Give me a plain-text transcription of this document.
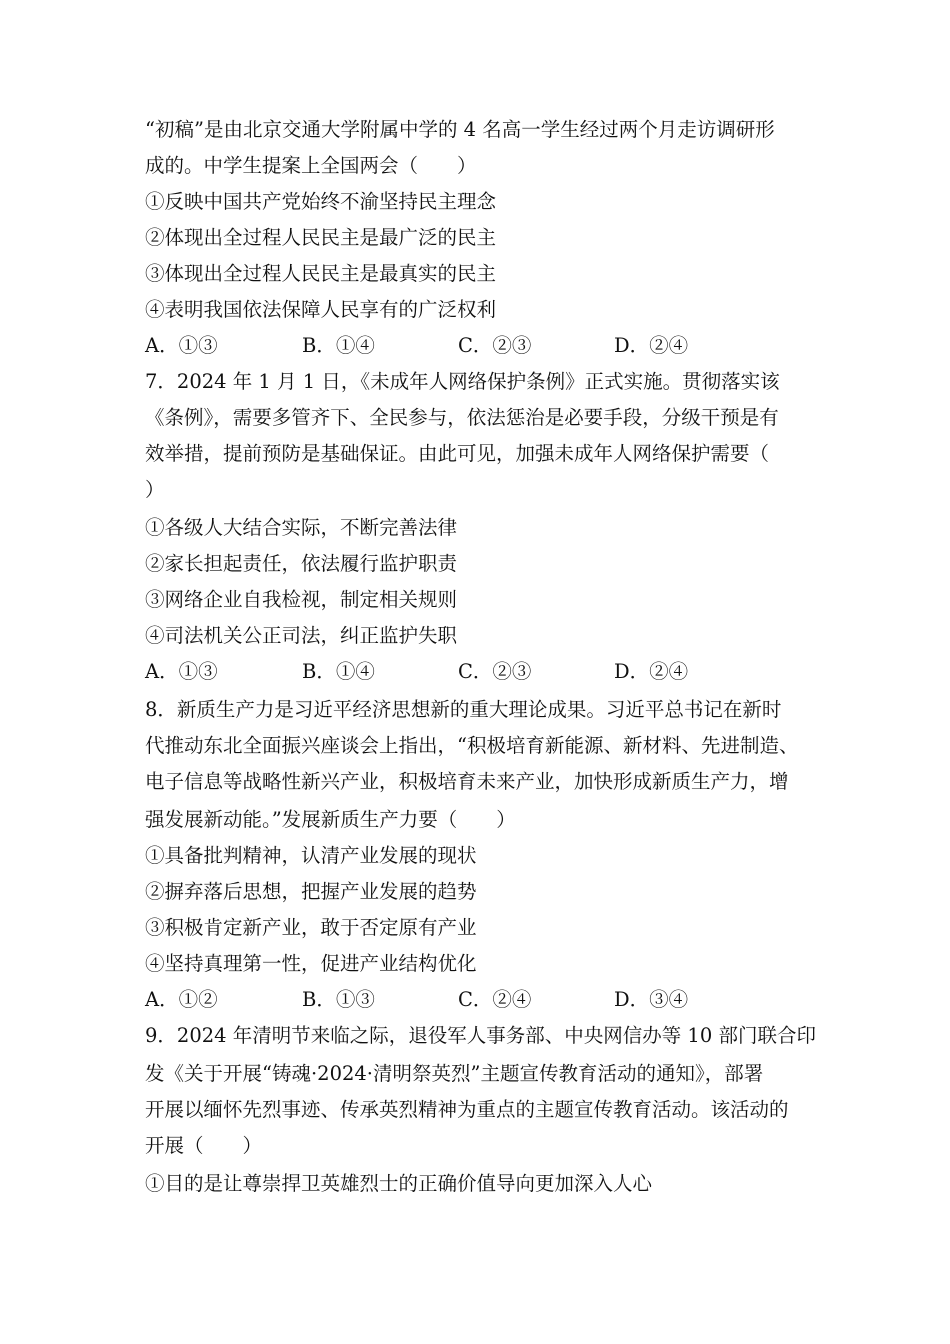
“初稿”是由北京交通大学附属中学的 4 名高一学生经过两个月走访调研形
成的。中学生提案上全国两会（　　）
①反映中国共产党始终不渝坚持民主理念
②体现出全过程人民民主是最广泛的民主
③体现出全过程人民民主是最真实的民主
④表明我国依法保障人民享有的广泛权利
A．①③	B．①④	C．②③	D．②④
7．2024 年 1 月 1 日，《未成年人网络保护条例》正式实施。贯彻落实该
《条例》，需要多管齐下、全民参与，依法惩治是必要手段，分级干预是有
效举措，提前预防是基础保证。由此可见，加强未成年人网络保护需要（
）
①各级人大结合实际，不断完善法律
②家长担起责任，依法履行监护职责
③网络企业自我检视，制定相关规则
④司法机关公正司法，纠正监护失职
A．①③	B．①④	C．②③	D．②④
8．新质生产力是习近平经济思想新的重大理论成果。习近平总书记在新时
代推动东北全面振兴座谈会上指出，“积极培育新能源、新材料、先进制造、
电子信息等战略性新兴产业，积极培育未来产业，加快形成新质生产力，增
强发展新动能。”发展新质生产力要（　　）
①具备批判精神，认清产业发展的现状
②摒弃落后思想，把握产业发展的趋势
③积极肯定新产业，敢于否定原有产业
④坚持真理第一性，促进产业结构优化
A．①②	B．①③	C．②④	D．③④
9．2024 年清明节来临之际，退役军人事务部、中央网信办等 10 部门联合印
发《关于开展“铸魂·2024·清明祭英烈”主题宣传教育活动的通知》，部署
开展以缅怀先烈事迹、传承英烈精神为重点的主题宣传教育活动。该活动的
开展（　　）
①目的是让尊崇捍卫英雄烈士的正确价值导向更加深入人心
